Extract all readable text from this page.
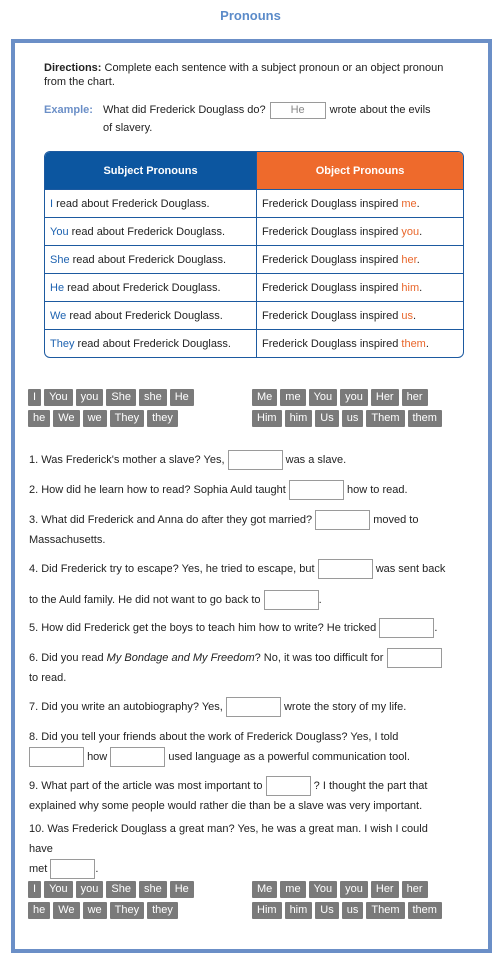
Pronouns
Directions: Complete each sentence with a subject pronoun or an object pronoun from the chart.
Example: What did Frederick Douglass do? He wrote about the evils
of slavery.
Subject Pronouns	Object Pronouns
I read about Frederick Douglass.	Frederick Douglass inspired me.
You read about Frederick Douglass.	Frederick Douglass inspired you.
She read about Frederick Douglass.	Frederick Douglass inspired her.
He read about Frederick Douglass.	Frederick Douglass inspired him.
We read about Frederick Douglass.	Frederick Douglass inspired us.
They read about Frederick Douglass.	Frederick Douglass inspired them.
I	You	you	She	she	He
he	We	we	They	they
Me	me	You	you	Her	her
Him	him	Us	us	Them	them
1. Was Frederick's mother a slave? Yes,	was a slave.
2. How did he learn how to read? Sophia Auld taught	how to read.
3. What did Frederick and Anna do after they got married?	moved to
Massachusetts.
4. Did Frederick try to escape? Yes, he tried to escape, but	was sent back
to the Auld family. He did not want to go back to	.
5. How did Frederick get the boys to teach him how to write? He tricked	.
6. Did you read My Bondage and My Freedom? No, it was too difficult for
to read.
7. Did you write an autobiography? Yes,	wrote the story of my life.
8. Did you tell your friends about the work of Frederick Douglass? Yes, I told
how	used language as a powerful communication tool.
9. What part of the article was most important to	? I thought the part that
explained why some people would rather die than be a slave was very important.
10. Was Frederick Douglass a great man? Yes, he was a great man. I wish I could have
met	.
I	You	you	She	she	He
he	We	we	They	they
Me	me	You	you	Her	her
Him	him	Us	us	Them	them
